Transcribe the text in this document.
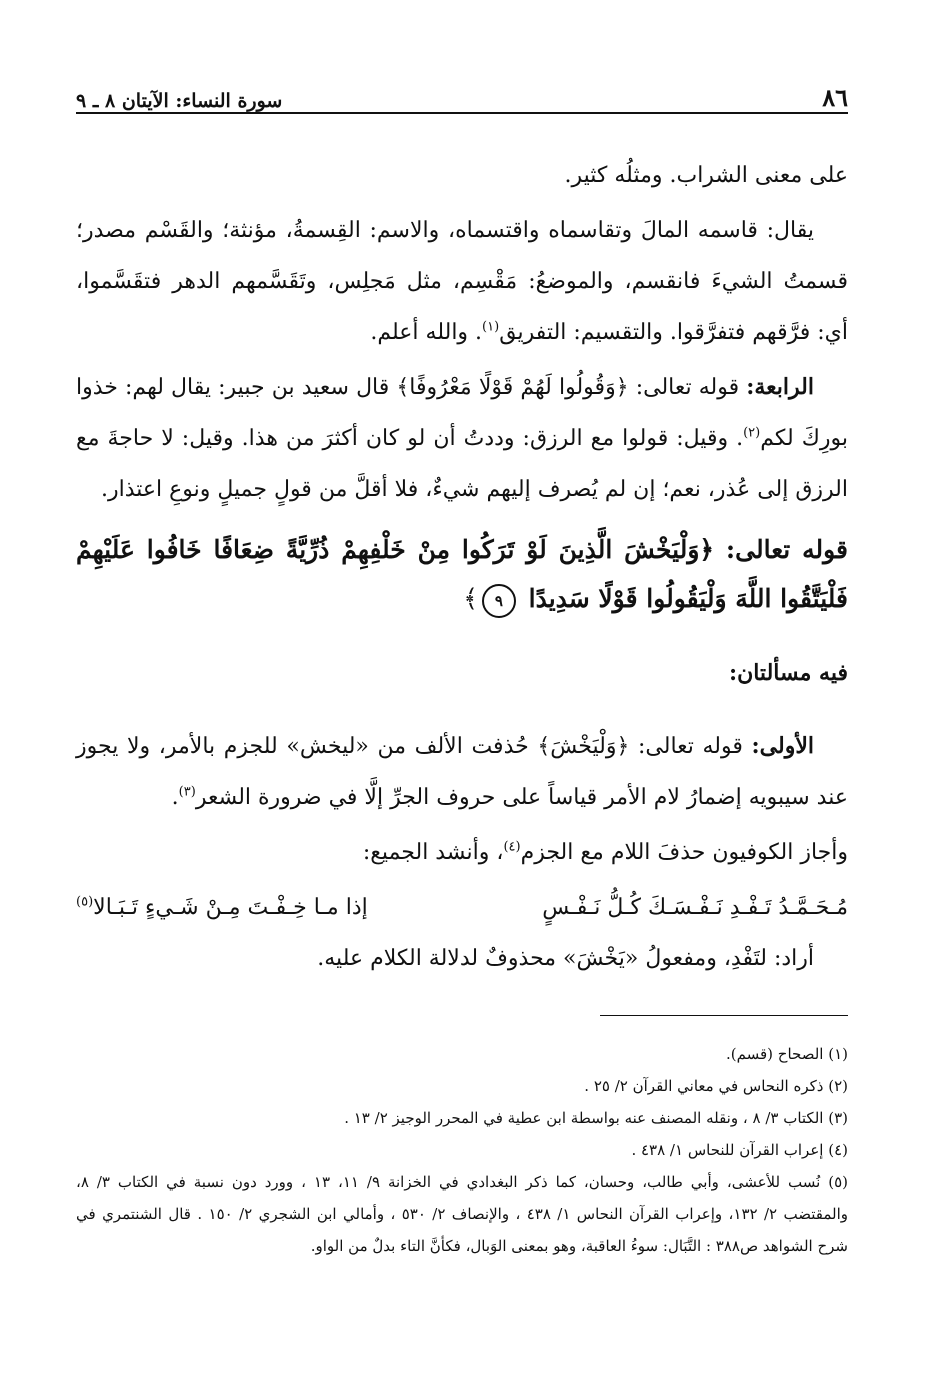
٨٦
سورة النساء: الآيتان ٨ ـ ٩

على معنى الشراب. ومثلُه كثير.

يقال: قاسمه المالَ وتقاسماه واقتسماه، والاسم: القِسمةُ، مؤنثة؛ والقَسْم مصدر؛ قسمتُ الشيءَ فانقسم، والموضعُ: مَقْسِم، مثل مَجلِس، وتَقَسَّمهم الدهر فتقَسَّموا، أي: فرَّقهم فتفرَّقوا. والتقسيم: التفريق$^{(١)}$. والله أعلم.

الرابعة: قوله تعالى: ﴿وَقُولُوا لَهُمْ قَوْلًا مَعْرُوفًا﴾ قال سعيد بن جبير: يقال لهم: خذوا بورِكَ لكم$^{(٢)}$. وقيل: قولوا مع الرزق: وددتُ أن لو كان أكثرَ من هذا. وقيل: لا حاجةَ مع الرزق إلى عُذر، نعم؛ إن لم يُصرف إليهم شيءٌ، فلا أقلَّ من قولٍ جميلٍ ونوعِ اعتذار.

قوله تعالى: ﴿وَلْيَخْشَ الَّذِينَ لَوْ تَرَكُوا مِنْ خَلْفِهِمْ ذُرِّيَّةً ضِعَافًا خَافُوا عَلَيْهِمْ فَلْيَتَّقُوا اللَّهَ وَلْيَقُولُوا قَوْلًا سَدِيدًا ٩﴾

فيه مسألتان:

الأولى: قوله تعالى: ﴿وَلْيَخْشَ﴾ حُذفت الألف من «ليخش» للجزم بالأمر، ولا يجوز عند سيبويه إضمارُ لام الأمر قياساً على حروف الجرِّ إلَّا في ضرورة الشعر$^{(٣)}$.

وأجاز الكوفيون حذفَ اللام مع الجزم$^{(٤)}$، وأنشد الجميع:

مُـحَـمَّـدُ تَـفْـدِ نَـفْـسَـكَ كُـلُّ نَـفْـسٍ
إذا مـا خِـفْـتَ مِـنْ شَـيءٍ تَـبَـالا$^{(٥)}$

أراد: لتَفْدِ، ومفعولُ «يَخْشَ» محذوفٌ لدلالة الكلام عليه.

(١) الصحاح (قسم).

(٢) ذكره النحاس في معاني القرآن ٢/ ٢٥ .

(٣) الكتاب ٣/ ٨ ، ونقله المصنف عنه بواسطة ابن عطية في المحرر الوجيز ٢/ ١٣ .

(٤) إعراب القرآن للنحاس ١/ ٤٣٨ .

(٥) نُسب للأعشى، وأبي طالب، وحسان، كما ذكر البغدادي في الخزانة ٩/ ١١، ١٣ ، وورد دون نسبة في الكتاب ٣/ ٨، والمقتضب ٢/ ١٣٢، وإعراب القرآن النحاس ١/ ٤٣٨ ، والإنصاف ٢/ ٥٣٠ ، وأمالي ابن الشجري ٢/ ١٥٠ . قال الشنتمري في شرح الشواهد ص٣٨٨ : التَّبَال: سوءُ العاقبة، وهو بمعنى الوَبال، فكأنَّ التاء بدلٌ من الواو.
